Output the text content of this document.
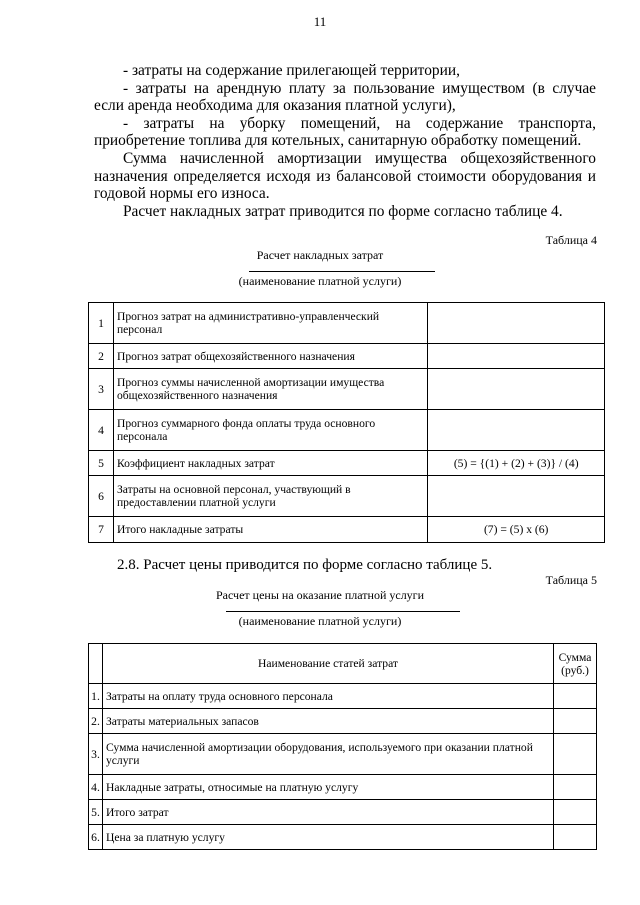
11

- затраты на содержание прилегающей территории,

- затраты на арендную плату за пользование имуществом (в случае если аренда необходима для оказания платной услуги),

- затраты на уборку помещений, на содержание транспорта, приобретение топлива для котельных, санитарную обработку помещений.

Сумма начисленной амортизации имущества общехозяйственного назначения определяется исходя из балансовой стоимости оборудования и годовой нормы его износа.

Расчет накладных затрат приводится по форме согласно таблице 4.

Таблица 4
Расчет накладных затрат
(наименование платной услуги)
1	Прогноз затрат на административно-управленческий персонал	
2	Прогноз затрат общехозяйственного назначения	
3	Прогноз суммы начисленной амортизации имущества общехозяйственного назначения	
4	Прогноз суммарного фонда оплаты труда основного персонала	
5	Коэффициент накладных затрат	(5) = {(1) + (2) + (3)} / (4)
6	Затраты на основной персонал, участвующий в предоставлении платной услуги	
7	Итого накладные затраты	(7) = (5) х (6)
2.8. Расчет цены приводится по форме согласно таблице 5.
Таблица 5
Расчет цены на оказание платной услуги
(наименование платной услуги)
	Наименование статей затрат	Сумма (руб.)
1.	Затраты на оплату труда основного персонала	
2.	Затраты материальных запасов	
3.	Сумма начисленной амортизации оборудования, используемого при оказании платной услуги	
4.	Накладные затраты, относимые на платную услугу	
5.	Итого затрат	
6.	Цена за платную услугу	
